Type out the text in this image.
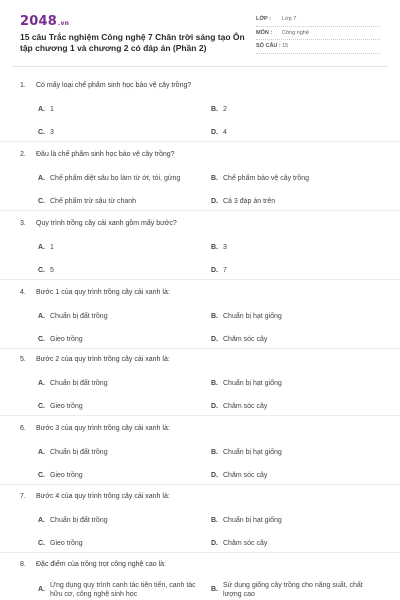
2048.vn
15 câu Trắc nghiệm Công nghệ 7 Chân trời sáng tạo Ôn tập chương 1 và chương 2 có đáp án (Phần 2)
LỚP :	Lớp 7
MÔN :	Công nghệ
SỐ CÂU : 15
1.	Có mấy loại chế phẩm sinh học bảo vệ cây trồng?
A. 1	B. 2
C. 3	D. 4
2.	Đâu là chế phẩm sinh học bảo vệ cây trồng?
A. Chế phẩm diệt sâu bọ làm từ ớt, tỏi, gừng	B. Chế phẩm bảo vệ cây trồng
C. Chế phẩm trừ sâu từ chanh	D. Cả 3 đáp án trên
3.	Quy trình trồng cây cải xanh gồm mấy bước?
A. 1	B. 3
C. 5	D. 7
4.	Bước 1 của quy trình trồng cây cải xanh là:
A. Chuẩn bị đất trồng	B. Chuẩn bị hạt giống
C. Gieo trồng	D. Chăm sóc cây
5.	Bước 2 của quy trình trồng cây cải xanh là:
A. Chuẩn bị đất trồng	B. Chuẩn bị hạt giống
C. Gieo trồng	D. Chăm sóc cây
6.	Bước 3 của quy trình trồng cây cải xanh là:
A. Chuẩn bị đất trồng	B. Chuẩn bị hạt giống
C. Gieo trồng	D. Chăm sóc cây
7.	Bước 4 của quy trình trồng cây cải xanh là:
A. Chuẩn bị đất trồng	B. Chuẩn bị hạt giống
C. Gieo trồng	D. Chăm sóc cây
8.	Đặc điểm của trồng trọt công nghệ cao là:
A.
Ứng dụng quy trình canh tác tiên tiến, canh tác hữu cơ, công nghệ sinh học
B.
Sử dụng giống cây trồng cho năng suất, chất lượng cao
